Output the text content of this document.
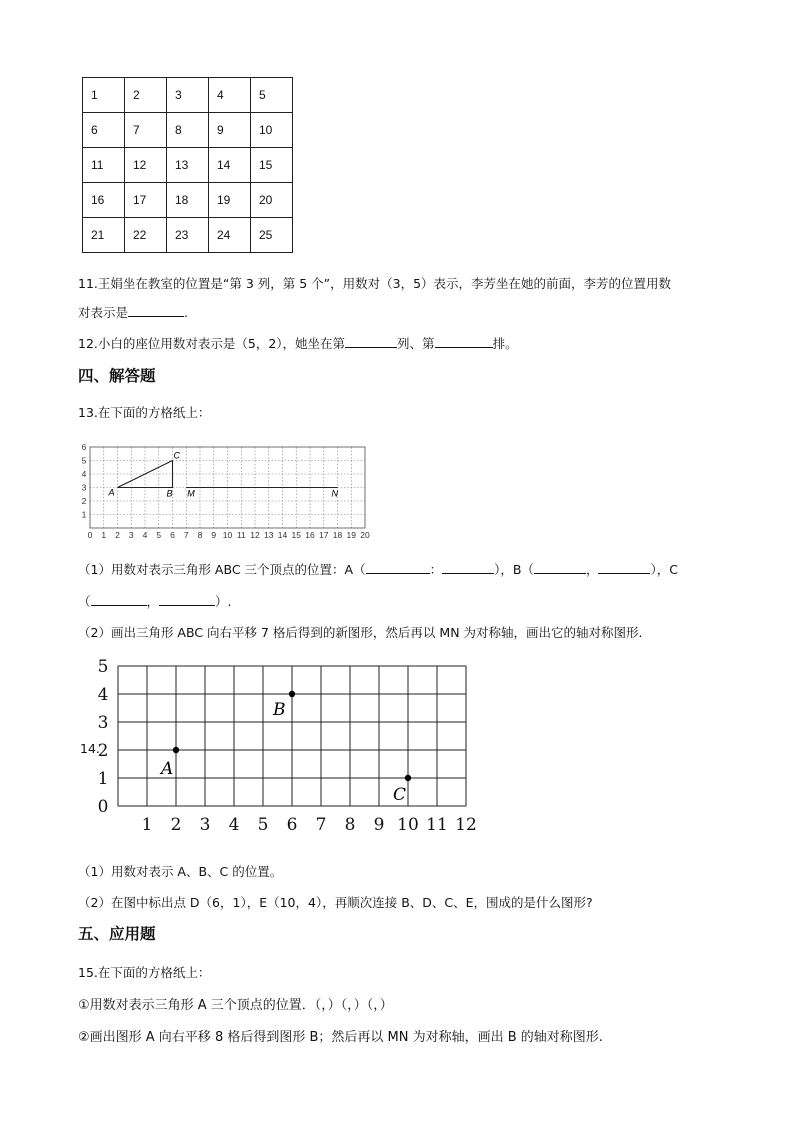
1	2	3	4	5
6	7	8	9	10
11	12	13	14	15
16	17	18	19	20
21	22	23	24	25
11.王娟坐在教室的位置是“第 3 列，第 5 个”，用数对（3，5）表示，李芳坐在她的前面，李芳的位置用数
对表示是	.
12.小白的座位用数对表示是（5，2），她坐在第	列、第	排。
四、解答题
13.在下面的方格纸上：
0 1 2 3 4 5 6 7 8 9 10 11 12 13 14 15 16 17 18 19 20
1
2
3
4
5
6
A	B
C
M	N
（1）用数对表示三角形 ABC 三个顶点的位置：A（	：	），B（	，	），C
（	，	）.
（2）画出三角形 ABC 向右平移 7 格后得到的新图形，然后再以 MN 为对称轴，画出它的轴对称图形.
14.
1 2 3 4 5 6 7 8 9 10 11 12
0
1
2
3
4
5
A
B
C
（1）用数对表示 A、B、C 的位置。
（2）在图中标出点 D（6，1），E（10，4），再顺次连接 B、D、C、E，围成的是什么图形?
五、应用题
15.在下面的方格纸上：
①用数对表示三角形 A 三个顶点的位置．（，）（，）（，）
②画出图形 A 向右平移 8 格后得到图形 B；然后再以 MN 为对称轴，画出 B 的轴对称图形.
